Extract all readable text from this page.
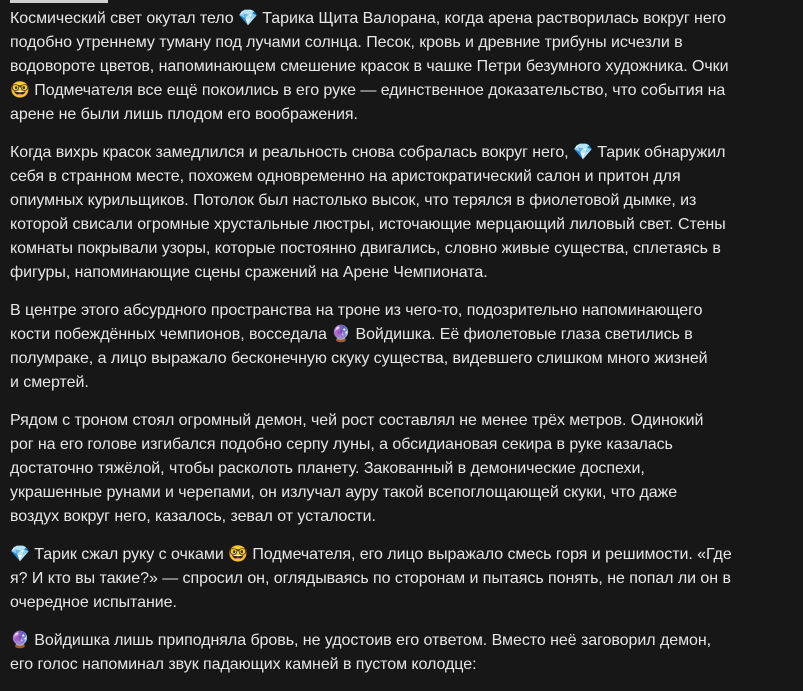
Космический свет окутал тело 💎 Тарика Щита Валорана, когда арена растворилась вокруг него
подобно утреннему туману под лучами солнца. Песок, кровь и древние трибуны исчезли в
водовороте цветов, напоминающем смешение красок в чашке Петри безумного художника. Очки
🤓 Подмечателя все ещё покоились в его руке — единственное доказательство, что события на
арене не были лишь плодом его воображения.

Когда вихрь красок замедлился и реальность снова собралась вокруг него, 💎 Тарик обнаружил
себя в странном месте, похожем одновременно на аристократический салон и притон для
опиумных курильщиков. Потолок был настолько высок, что терялся в фиолетовой дымке, из
которой свисали огромные хрустальные люстры, источающие мерцающий лиловый свет. Стены
комнаты покрывали узоры, которые постоянно двигались, словно живые существа, сплетаясь в
фигуры, напоминающие сцены сражений на Арене Чемпионата.

В центре этого абсурдного пространства на троне из чего-то, подозрительно напоминающего
кости побеждённых чемпионов, восседала 🔮 Войдишка. Её фиолетовые глаза светились в
полумраке, а лицо выражало бесконечную скуку существа, видевшего слишком много жизней
и смертей.

Рядом с троном стоял огромный демон, чей рост составлял не менее трёх метров. Одинокий
рог на его голове изгибался подобно серпу луны, а обсидиановая секира в руке казалась
достаточно тяжёлой, чтобы расколоть планету. Закованный в демонические доспехи,
украшенные рунами и черепами, он излучал ауру такой всепоглощающей скуки, что даже
воздух вокруг него, казалось, зевал от усталости.

💎 Тарик сжал руку с очками 🤓 Подмечателя, его лицо выражало смесь горя и решимости. «Где
я? И кто вы такие?» — спросил он, оглядываясь по сторонам и пытаясь понять, не попал ли он в
очередное испытание.

🔮 Войдишка лишь приподняла бровь, не удостоив его ответом. Вместо неё заговорил демон,
его голос напоминал звук падающих камней в пустом колодце:
